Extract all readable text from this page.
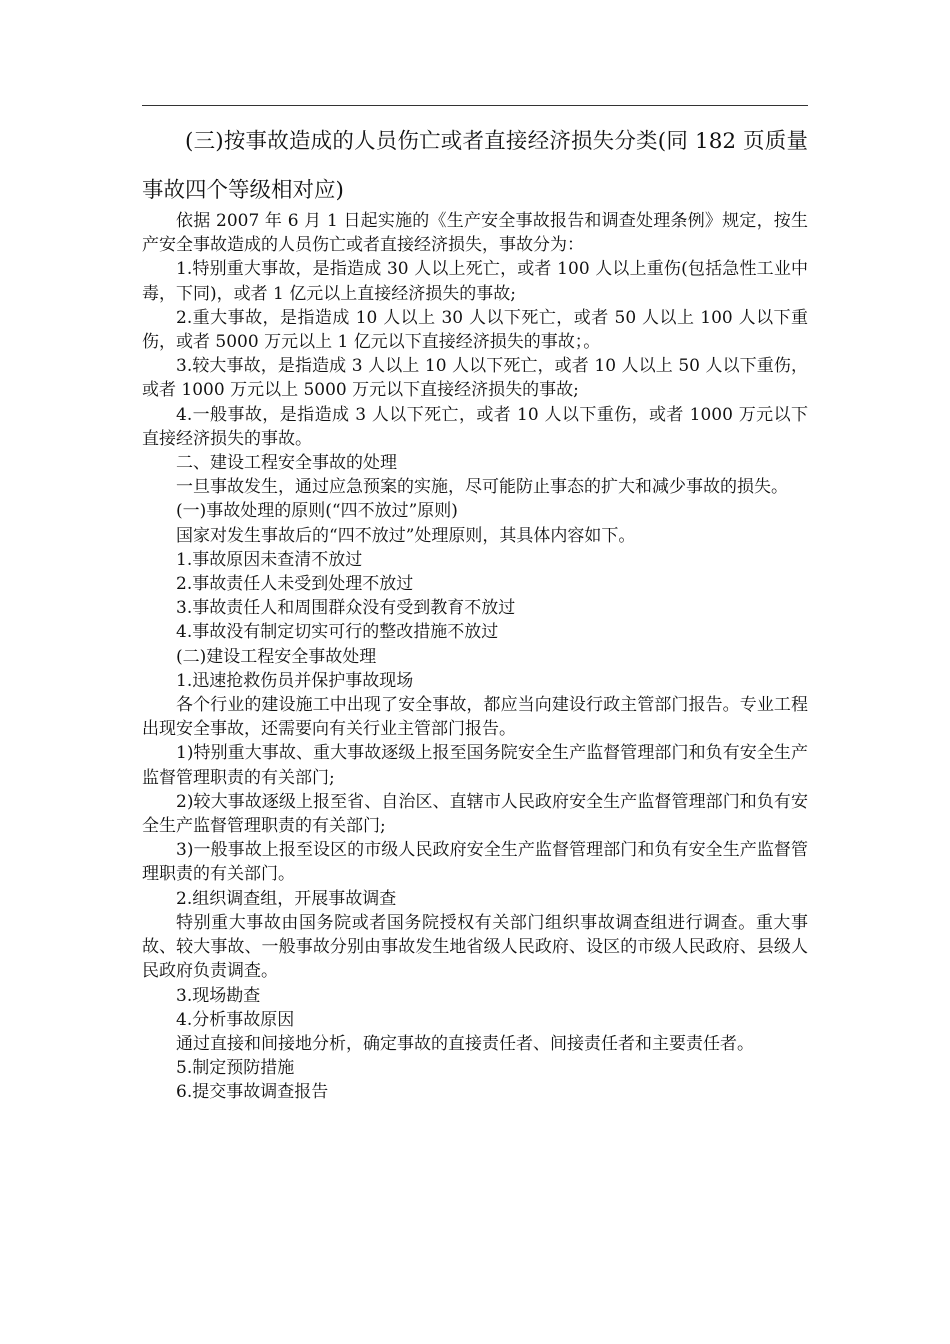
(三)按事故造成的人员伤亡或者直接经济损失分类(同 182 页质量事故四个等级相对应)

依据 2007 年 6 月 1 日起实施的《生产安全事故报告和调查处理条例》规定，按生产安全事故造成的人员伤亡或者直接经济损失，事故分为：

1.特别重大事故，是指造成 30 人以上死亡，或者 100 人以上重伤(包括急性工业中毒，下同)，或者 1 亿元以上直接经济损失的事故;

2.重大事故，是指造成 10 人以上 30 人以下死亡，或者 50 人以上 100 人以下重伤，或者 5000 万元以上 1 亿元以下直接经济损失的事故；。

3.较大事故，是指造成 3 人以上 10 人以下死亡，或者 10 人以上 50 人以下重伤，或者 1000 万元以上 5000 万元以下直接经济损失的事故;

4.一般事故，是指造成 3 人以下死亡，或者 10 人以下重伤，或者 1000 万元以下直接经济损失的事故。

二、建设工程安全事故的处理

一旦事故发生，通过应急预案的实施，尽可能防止事态的扩大和减少事故的损失。

(一)事故处理的原则(“四不放过”原则)

国家对发生事故后的“四不放过”处理原则，其具体内容如下。

1.事故原因未查清不放过

2.事故责任人未受到处理不放过

3.事故责任人和周围群众没有受到教育不放过

4.事故没有制定切实可行的整改措施不放过

(二)建设工程安全事故处理

1.迅速抢救伤员并保护事故现场

各个行业的建设施工中出现了安全事故，都应当向建设行政主管部门报告。专业工程出现安全事故，还需要向有关行业主管部门报告。

1)特别重大事故、重大事故逐级上报至国务院安全生产监督管理部门和负有安全生产监督管理职责的有关部门;

2)较大事故逐级上报至省、自治区、直辖市人民政府安全生产监督管理部门和负有安全生产监督管理职责的有关部门;

3)一般事故上报至设区的市级人民政府安全生产监督管理部门和负有安全生产监督管理职责的有关部门。

2.组织调查组，开展事故调查

特别重大事故由国务院或者国务院授权有关部门组织事故调查组进行调查。重大事故、较大事故、一般事故分别由事故发生地省级人民政府、设区的市级人民政府、县级人民政府负责调查。

3.现场勘查

4.分析事故原因

通过直接和间接地分析，确定事故的直接责任者、间接责任者和主要责任者。

5.制定预防措施

6.提交事故调查报告
